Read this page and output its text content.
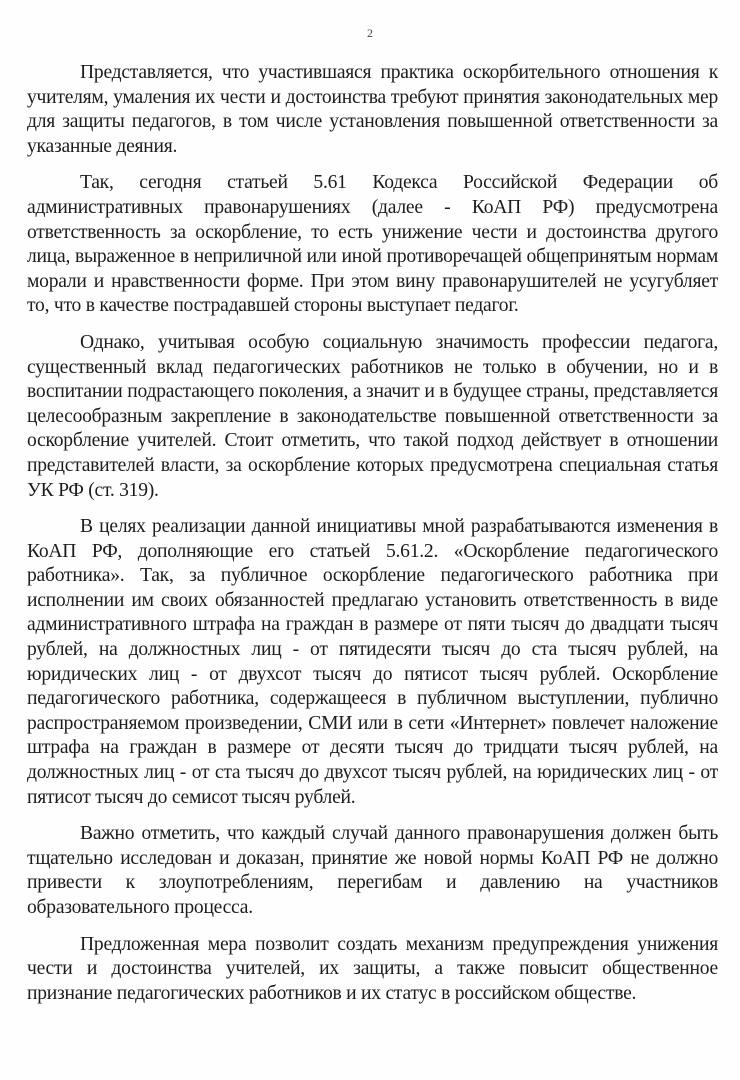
2

Представляется, что участившаяся практика оскорбительного отношения к учителям, умаления их чести и достоинства требуют принятия законодательных мер для защиты педагогов, в том числе установления повышенной ответственности за указанные деяния.

Так, сегодня статьей 5.61 Кодекса Российской Федерации об административных правонарушениях (далее - КоАП РФ) предусмотрена ответственность за оскорбление, то есть унижение чести и достоинства другого лица, выраженное в неприличной или иной противоречащей общепринятым нормам морали и нравственности форме. При этом вину правонарушителей не усугубляет то, что в качестве пострадавшей стороны выступает педагог.

Однако, учитывая особую социальную значимость профессии педагога, существенный вклад педагогических работников не только в обучении, но и в воспитании подрастающего поколения, а значит и в будущее страны, представляется целесообразным закрепление в законодательстве повышенной ответственности за оскорбление учителей. Стоит отметить, что такой подход действует в отношении представителей власти, за оскорбление которых предусмотрена специальная статья УК РФ (ст. 319).

В целях реализации данной инициативы мной разрабатываются изменения в КоАП РФ, дополняющие его статьей 5.61.2. «Оскорбление педагогического работника». Так, за публичное оскорбление педагогического работника при исполнении им своих обязанностей предлагаю установить ответственность в виде административного штрафа на граждан в размере от пяти тысяч до двадцати тысяч рублей, на должностных лиц - от пятидесяти тысяч до ста тысяч рублей, на юридических лиц - от двухсот тысяч до пятисот тысяч рублей. Оскорбление педагогического работника, содержащееся в публичном выступлении, публично распространяемом произведении, СМИ или в сети «Интернет» повлечет наложение штрафа на граждан в размере от десяти тысяч до тридцати тысяч рублей, на должностных лиц - от ста тысяч до двухсот тысяч рублей, на юридических лиц - от пятисот тысяч до семисот тысяч рублей.

Важно отметить, что каждый случай данного правонарушения должен быть тщательно исследован и доказан, принятие же новой нормы КоАП РФ не должно привести к злоупотреблениям, перегибам и давлению на участников образовательного процесса.

Предложенная мера позволит создать механизм предупреждения унижения чести и достоинства учителей, их защиты, а также повысит общественное признание педагогических работников и их статус в российском обществе.
